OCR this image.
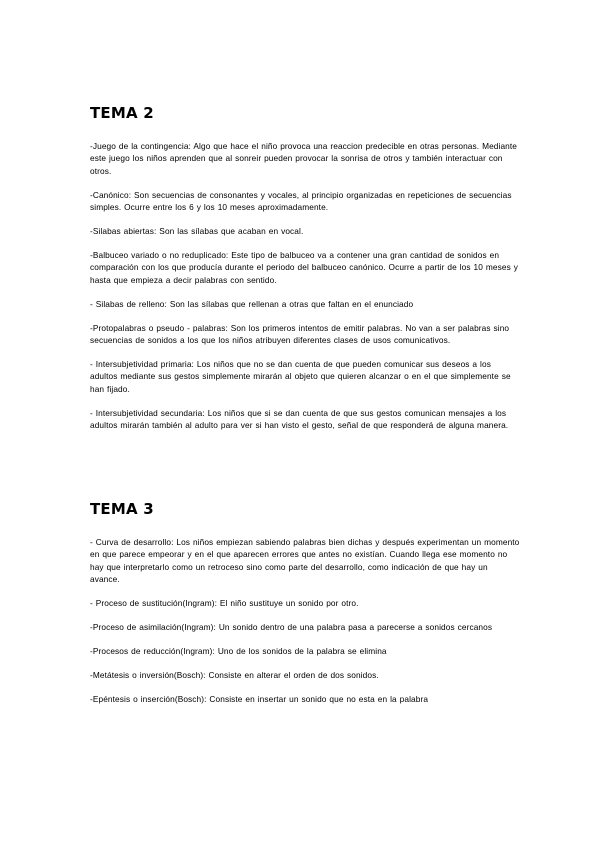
TEMA 2

-Juego de la contingencia: Algo que hace el niño provoca una reaccion predecible en otras personas. Mediante este juego los niños aprenden que al sonreir pueden provocar la sonrisa de otros y también interactuar con otros.

-Canónico: Son secuencias de consonantes y vocales, al principio organizadas en repeticiones de secuencias simples. Ocurre entre los 6 y los 10 meses aproximadamente.

-Silabas abiertas: Son las sílabas que acaban en vocal.

-Balbuceo variado o no reduplicado: Este tipo de balbuceo va a contener una gran cantidad de sonidos en comparación con los que producía durante el periodo del balbuceo canónico. Ocurre a partir de los 10 meses y hasta que empieza a decir palabras con sentido.

- Silabas de relleno: Son las sílabas que rellenan a otras que faltan en el enunciado

-Protopalabras o pseudo - palabras: Son los primeros intentos de emitir palabras. No van a ser palabras sino secuencias de sonidos a los que los niños atribuyen diferentes clases de usos comunicativos.

- Intersubjetividad primaria: Los niños que no se dan cuenta de que pueden comunicar sus deseos a los adultos mediante sus gestos simplemente mirarán al objeto que quieren alcanzar o en el que simplemente se han fijado.

- Intersubjetividad secundaria: Los niños que si se dan cuenta de que sus gestos comunican mensajes a los adultos mirarán también al adulto para ver si han visto el gesto, señal de que responderá de alguna manera.

TEMA 3

- Curva de desarrollo: Los niños empiezan sabiendo palabras bien dichas y después experimentan un momento en que parece empeorar y en el que aparecen errores que antes no existían. Cuando llega ese momento no hay que interpretarlo como un retroceso sino como parte del desarrollo, como indicación de que hay un avance.

- Proceso de sustitución(Ingram): El niño sustituye un sonido por otro.

-Proceso de asimilación(Ingram): Un sonido dentro de una palabra pasa a parecerse a sonidos cercanos

-Procesos de reducción(Ingram): Uno de los sonidos de la palabra se elimina

-Metátesis o inversión(Bosch): Consiste en alterar el orden de dos sonidos.

-Epéntesis o inserción(Bosch): Consiste en insertar un sonido que no esta en la palabra
